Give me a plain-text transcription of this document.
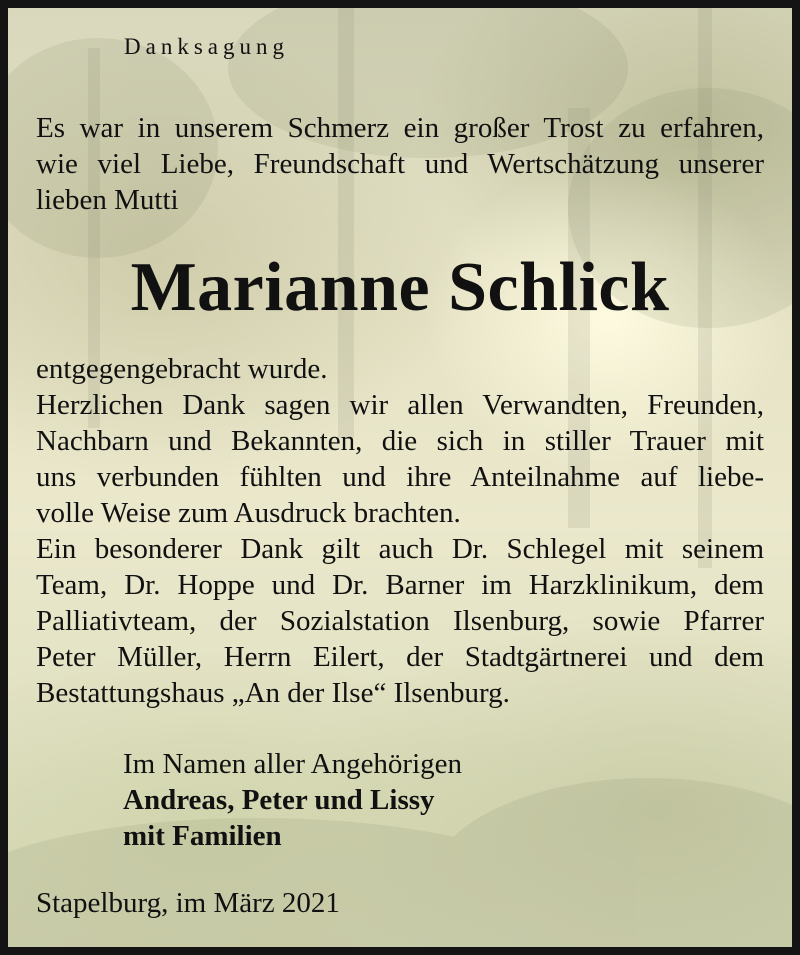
Danksagung
Es war in unserem Schmerz ein großer Trost zu erfahren,
wie viel Liebe, Freundschaft und Wertschätzung unserer
lieben Mutti
Marianne Schlick
entgegengebracht wurde.
Herzlichen Dank sagen wir allen Verwandten, Freunden,
Nachbarn und Bekannten, die sich in stiller Trauer mit
uns verbunden fühlten und ihre Anteilnahme auf liebe-
volle Weise zum Ausdruck brachten.
Ein besonderer Dank gilt auch Dr. Schlegel mit seinem
Team, Dr. Hoppe und Dr. Barner im Harzklinikum, dem
Palliativteam, der Sozialstation Ilsenburg, sowie Pfarrer
Peter Müller, Herrn Eilert, der Stadtgärtnerei und dem
Bestattungshaus „An der Ilse“ Ilsenburg.
Im Namen aller Angehörigen
Andreas, Peter und Lissy
mit Familien
Stapelburg, im März 2021
